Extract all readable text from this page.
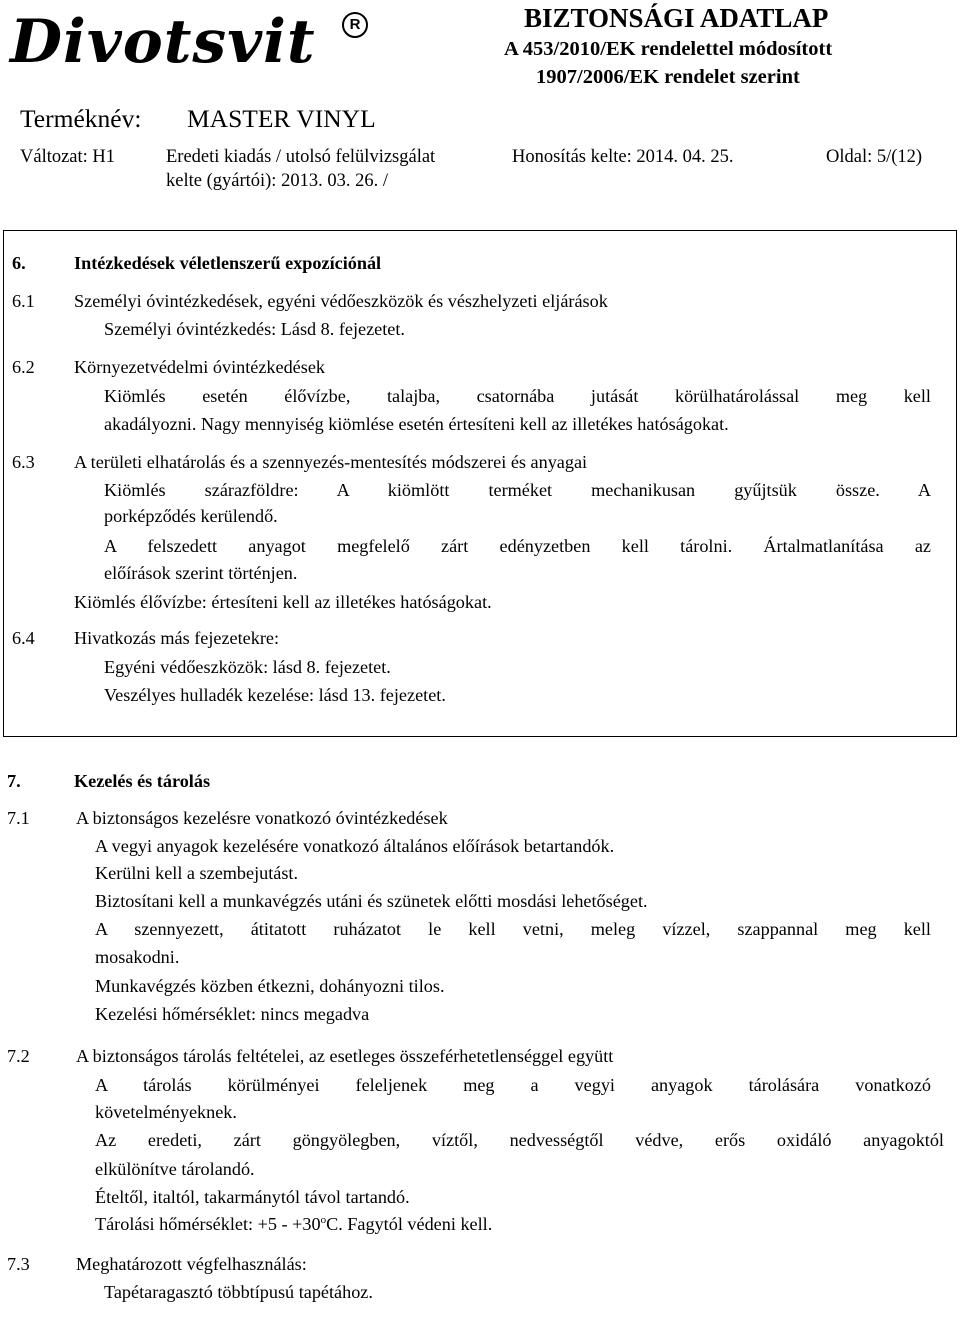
Divotsvit	R	BIZTONSÁGI ADATLAP
A 453/2010/EK rendelettel módosított
1907/2006/EK rendelet szerint
Terméknév: MASTER VINYL
Változat: H1	Eredeti kiadás / utolsó felülvizsgálat
kelte (gyártói): 2013. 03. 26. /
Honosítás kelte: 2014. 04. 25.	Oldal: 5/(12)
6.	Intézkedések véletlenszerű expozíciónál
6.1 Személyi óvintézkedések, egyéni védőeszközök és vészhelyzeti eljárások
Személyi óvintézkedés: Lásd 8. fejezetet.
6.2 Környezetvédelmi óvintézkedések
Kiömlés esetén élővízbe, talajba, csatornába jutását körülhatárolással meg kell
akadályozni. Nagy mennyiség kiömlése esetén értesíteni kell az illetékes hatóságokat.
6.3 A területi elhatárolás és a szennyezés-mentesítés módszerei és anyagai
Kiömlés szárazföldre: A kiömlött terméket mechanikusan gyűjtsük össze. A
porképződés kerülendő.
A felszedett anyagot megfelelő zárt edényzetben kell tárolni. Ártalmatlanítása az
előírások szerint történjen.
Kiömlés élővízbe: értesíteni kell az illetékes hatóságokat.
6.4 Hivatkozás más fejezetekre:
Egyéni védőeszközök: lásd 8. fejezetet.
Veszélyes hulladék kezelése: lásd 13. fejezetet.
7.	Kezelés és tárolás
7.1	A biztonságos kezelésre vonatkozó óvintézkedések
A vegyi anyagok kezelésére vonatkozó általános előírások betartandók.
Kerülni kell a szembejutást.
Biztosítani kell a munkavégzés utáni és szünetek előtti mosdási lehetőséget.
A szennyezett, átitatott ruházatot le kell vetni, meleg vízzel, szappannal meg kell
mosakodni.
Munkavégzés közben étkezni, dohányozni tilos.
Kezelési hőmérséklet: nincs megadva
7.2	A biztonságos tárolás feltételei, az esetleges összeférhetetlenséggel együtt
A tárolás körülményei feleljenek meg a vegyi anyagok tárolására vonatkozó
követelményeknek.
Az eredeti, zárt göngyölegben, víztől, nedvességtől védve, erős oxidáló anyagoktól
elkülönítve tárolandó.
Ételtől, italtól, takarmánytól távol tartandó.
Tárolási hőmérséklet: $+5 - +30^oC$. Fagytól védeni kell.
7.3	Meghatározott végfelhasználás:
Tapétaragasztó többtípusú tapétához.
